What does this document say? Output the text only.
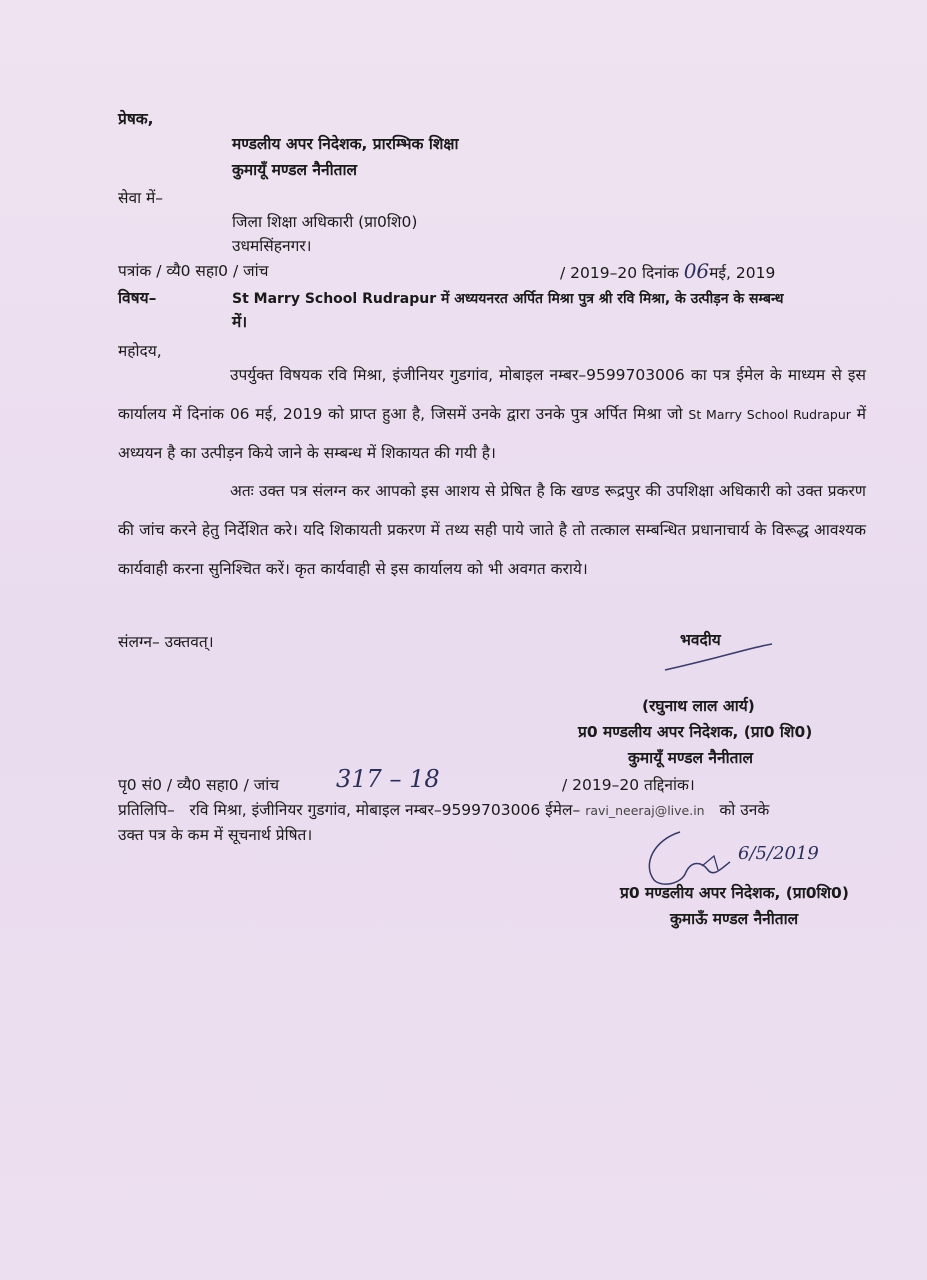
प्रेषक,
मण्डलीय अपर निदेशक, प्रारम्भिक शिक्षा
कुमायूँ मण्डल नैनीताल
सेवा में–
जिला शिक्षा अधिकारी (प्रा0शि0)
उधमसिंहनगर।
पत्रांक / व्यै0 सहा0 / जांच	/ 2019–20 दिनांक 06मई, 2019
विषय–	St Marry School Rudrapur में अध्ययनरत अर्पित मिश्रा पुत्र श्री रवि मिश्रा, के उत्पीड़न के सम्बन्ध
में।
महोदय,
उपर्युक्त विषयक रवि मिश्रा, इंजीनियर गुडगांव, मोबाइल नम्बर–9599703006 का पत्र ईमेल के माध्यम से इस कार्यालय में दिनांक 06 मई, 2019 को प्राप्त हुआ है, जिसमें उनके द्वारा उनके पुत्र अर्पित मिश्रा जो St Marry School Rudrapur में अध्ययन है का उत्पीड़न किये जाने के सम्बन्ध में शिकायत की गयी है।
अतः उक्त पत्र संलग्न कर आपको इस आशय से प्रेषित है कि खण्ड रूद्रपुर की उपशिक्षा अधिकारी को उक्त प्रकरण की जांच करने हेतु निर्देशित करे। यदि शिकायती प्रकरण में तथ्य सही पाये जाते है तो तत्काल सम्बन्धित प्रधानाचार्य के विरूद्ध आवश्यक कार्यवाही करना सुनिश्चित करें। कृत कार्यवाही से इस कार्यालय को भी अवगत कराये।
संलग्न– उक्तवत्।	भवदीय
(रघुनाथ लाल आर्य)
प्र0 मण्डलीय अपर निदेशक, (प्रा0 शि0)
कुमायूँ मण्डल नैनीताल
पृ0 सं0 / व्यै0 सहा0 / जांच 317 – 18	/ 2019–20 तद्दिनांक।
प्रतिलिपि– रवि मिश्रा, इंजीनियर गुडगांव, मोबाइल नम्बर–9599703006 ईमेल– ravi_neeraj@live.in को उनके
उक्त पत्र के कम में सूचनार्थ प्रेषित।
6/5/2019
प्र0 मण्डलीय अपर निदेशक, (प्रा0शि0)
कुमाऊँ मण्डल नैनीताल
